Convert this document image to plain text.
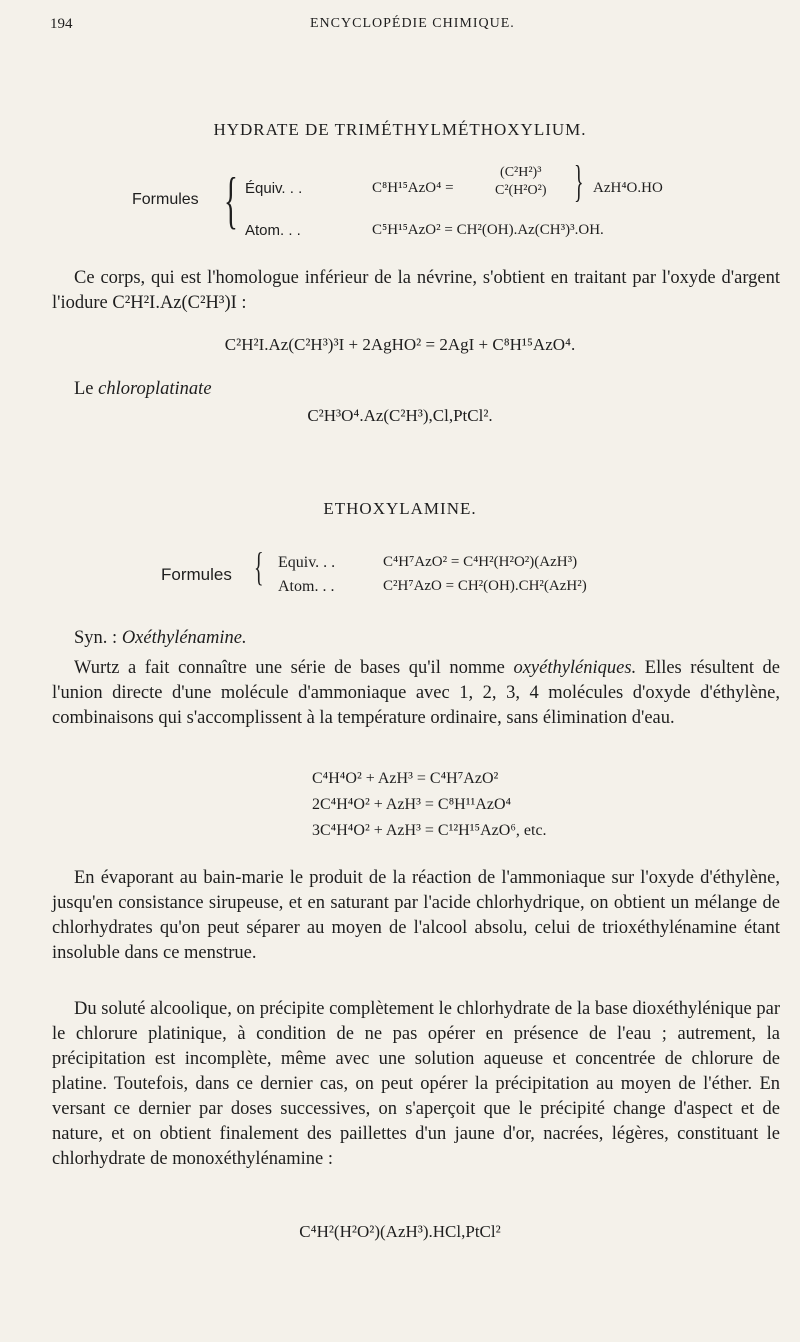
194	ENCYCLOPÉDIE CHIMIQUE.
HYDRATE DE TRIMÉTHYLMÉTHOXYLIUM.
Formules { Équiv. . .	C⁸H¹⁵AzO⁴ =
(C²H²)³
C²(H²O²) } AzH⁴O.HO
Atom. . .	C⁵H¹⁵AzO² = CH²(OH).Az(CH³)³.OH.

Ce corps, qui est l'homologue inférieur de la névrine, s'obtient en traitant par l'oxyde d'argent l'iodure C²H²I.Az(C²H³)I :

C²H²I.Az(C²H³)³I + 2AgHO² = 2AgI + C⁸H¹⁵AzO⁴.
Le chloroplatinate
C²H³O⁴.Az(C²H³),Cl,PtCl².
ETHOXYLAMINE.
Formules { Equiv. . .	C⁴H⁷AzO² = C⁴H²(H²O²)(AzH³)
Atom. . .	C²H⁷AzO = CH²(OH).CH²(AzH²)
Syn. : Oxéthylénamine.

Wurtz a fait connaître une série de bases qu'il nomme oxyéthyléniques. Elles résultent de l'union directe d'une molécule d'ammoniaque avec 1, 2, 3, 4 molécules d'oxyde d'éthylène, combinaisons qui s'accomplissent à la température ordinaire, sans élimination d'eau.

C⁴H⁴O² + AzH³ = C⁴H⁷AzO²
2C⁴H⁴O² + AzH³ = C⁸H¹¹AzO⁴
3C⁴H⁴O² + AzH³ = C¹²H¹⁵AzO⁶, etc.

En évaporant au bain-marie le produit de la réaction de l'ammoniaque sur l'oxyde d'éthylène, jusqu'en consistance sirupeuse, et en saturant par l'acide chlorhydrique, on obtient un mélange de chlorhydrates qu'on peut séparer au moyen de l'alcool absolu, celui de trioxéthylénamine étant insoluble dans ce menstrue.

Du soluté alcoolique, on précipite complètement le chlorhydrate de la base dioxéthylénique par le chlorure platinique, à condition de ne pas opérer en présence de l'eau ; autrement, la précipitation est incomplète, même avec une solution aqueuse et concentrée de chlorure de platine. Toutefois, dans ce dernier cas, on peut opérer la précipitation au moyen de l'éther. En versant ce dernier par doses successives, on s'aperçoit que le précipité change d'aspect et de nature, et on obtient finalement des paillettes d'un jaune d'or, nacrées, légères, constituant le chlorhydrate de monoxéthylénamine :

C⁴H²(H²O²)(AzH³).HCl,PtCl²
